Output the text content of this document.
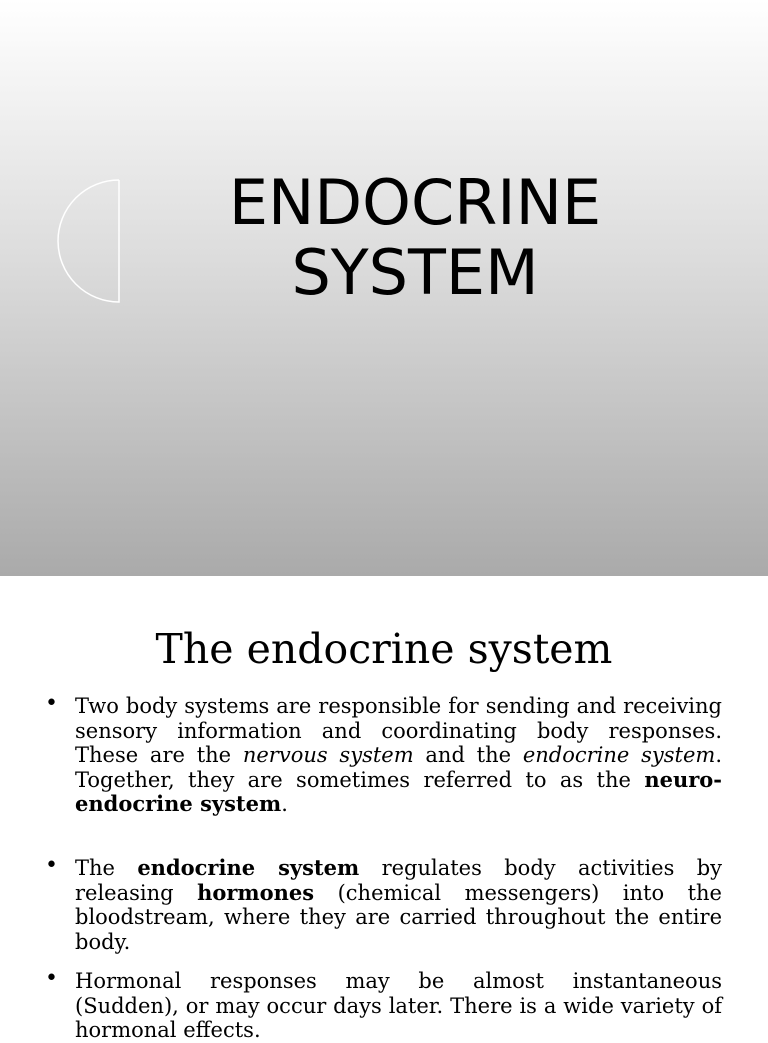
ENDOCRINE
SYSTEM
The endocrine system
• Two body systems are responsible for sending and receiving sensory information and coordinating body responses. These are the nervous system and the endocrine system. Together, they are sometimes referred to as the neuro-endocrine system.
• The endocrine system regulates body activities by releasing hormones (chemical messengers) into the bloodstream, where they are carried throughout the entire body.
• Hormonal responses may be almost instantaneous (Sudden), or may occur days later. There is a wide variety of hormonal effects.
